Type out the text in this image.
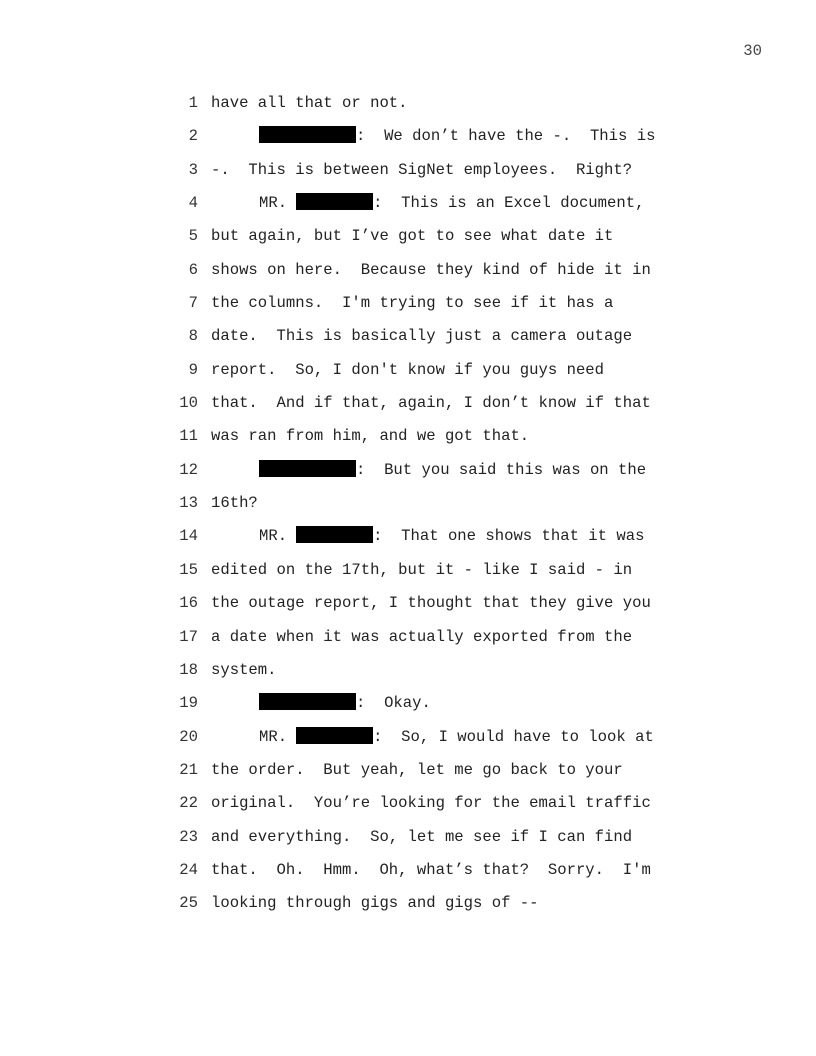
30
1 have all that or not.
2	:  We don’t have the -.  This is
3 -.  This is between SigNet employees.  Right?
4	MR.	:  This is an Excel document,
5 but again, but I’ve got to see what date it
6 shows on here.  Because they kind of hide it in
7 the columns.  I'm trying to see if it has a
8 date.  This is basically just a camera outage
9 report.  So, I don't know if you guys need
10 that.  And if that, again, I don’t know if that
11 was ran from him, and we got that.
12	:  But you said this was on the
13 16th?
14	MR.	:  That one shows that it was
15 edited on the 17th, but it - like I said - in
16 the outage report, I thought that they give you
17 a date when it was actually exported from the
18 system.
19	:  Okay.
20	MR.	:  So, I would have to look at
21 the order.  But yeah, let me go back to your
22 original.  You’re looking for the email traffic
23 and everything.  So, let me see if I can find
24 that.  Oh.  Hmm.  Oh, what’s that?  Sorry.  I'm
25 looking through gigs and gigs of --
